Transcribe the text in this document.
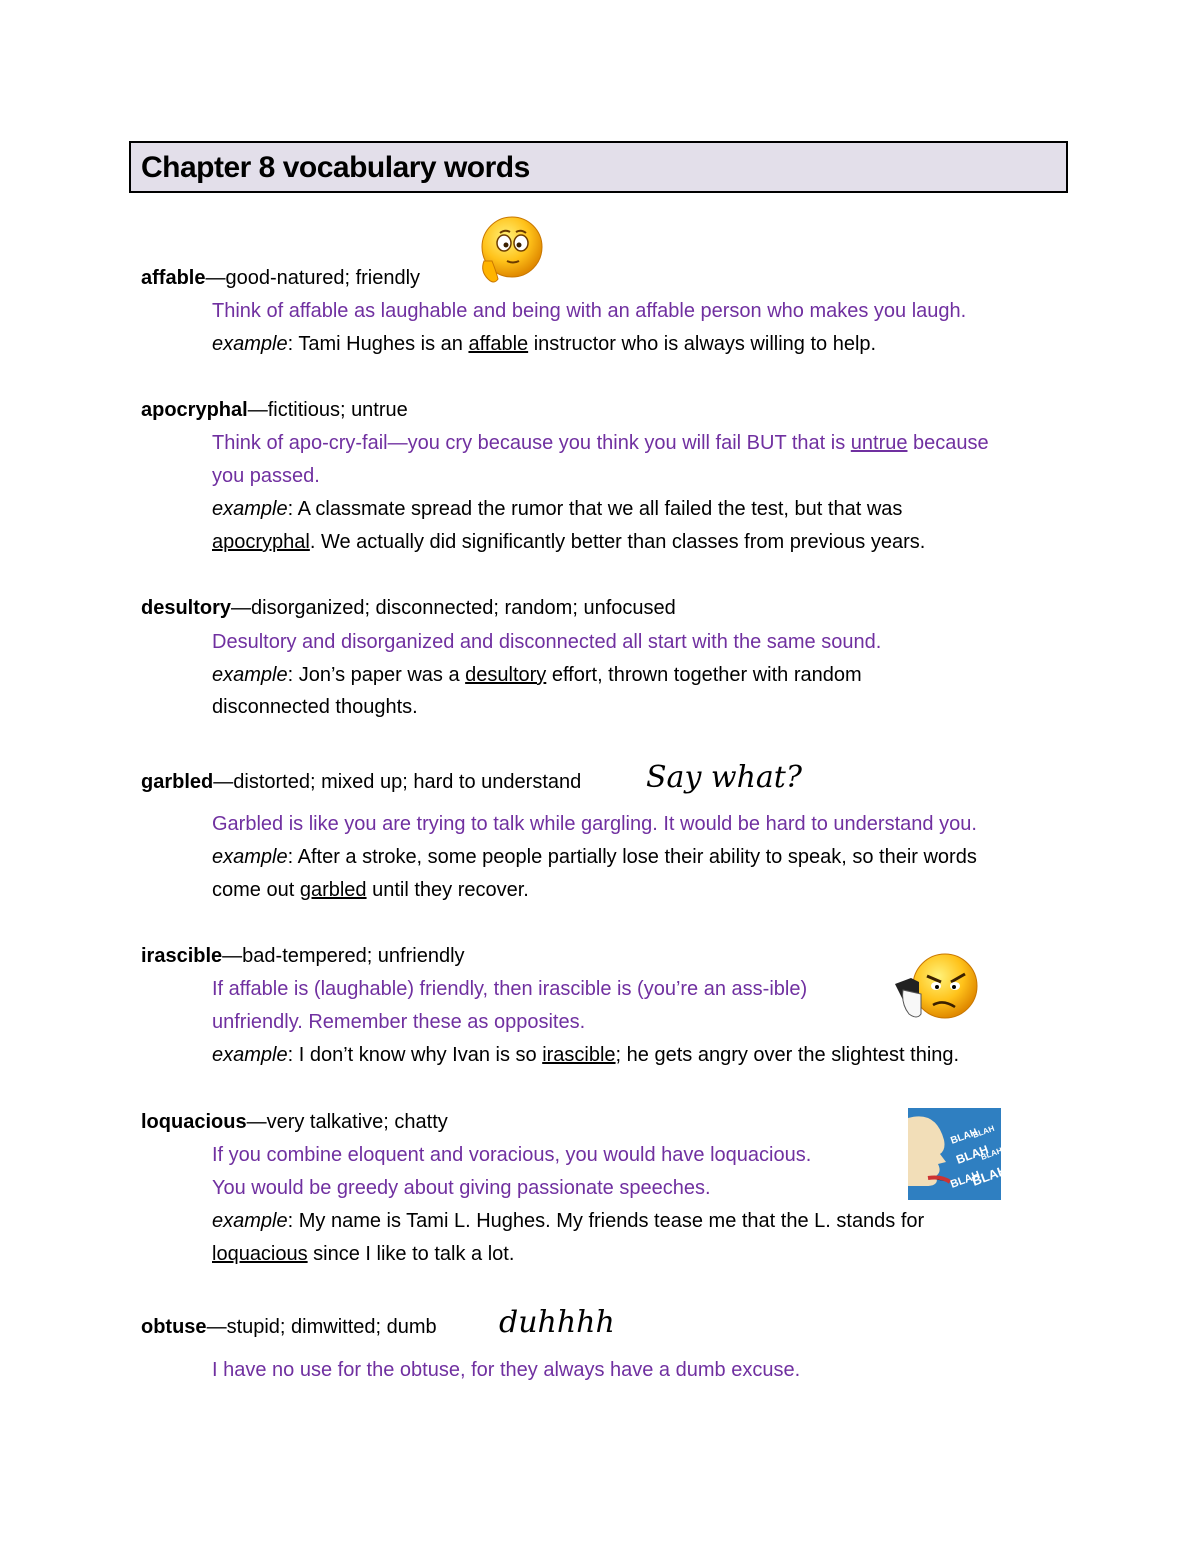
Chapter 8 vocabulary words
affable—good-natured; friendly
Think of affable as laughable and being with an affable person who makes you laugh.
example: Tami Hughes is an affable instructor who is always willing to help.
apocryphal—fictitious; untrue
Think of apo-cry-fail—you cry because you think you will fail BUT that is untrue because
you passed.
example: A classmate spread the rumor that we all failed the test, but that was
apocryphal. We actually did significantly better than classes from previous years.
desultory—disorganized; disconnected; random; unfocused
Desultory and disorganized and disconnected all start with the same sound.
example: Jon’s paper was a desultory effort, thrown together with random
disconnected thoughts.
garbled—distorted; mixed up; hard to understand Say what?
Garbled is like you are trying to talk while gargling. It would be hard to understand you.
example: After a stroke, some people partially lose their ability to speak, so their words
come out garbled until they recover.
irascible—bad-tempered; unfriendly
If affable is (laughable) friendly, then irascible is (you’re an ass-ible)
unfriendly. Remember these as opposites.
example: I don’t know why Ivan is so irascible; he gets angry over the slightest thing.
loquacious—very talkative; chatty
If you combine eloquent and voracious, you would have loquacious.
You would be greedy about giving passionate speeches.
BLAH
BLAH
BLAH
BLAH
BLAH
BLAH
example: My name is Tami L. Hughes. My friends tease me that the L. stands for
loquacious since I like to talk a lot.
obtuse—stupid; dimwitted; dumb duhhhh
I have no use for the obtuse, for they always have a dumb excuse.
